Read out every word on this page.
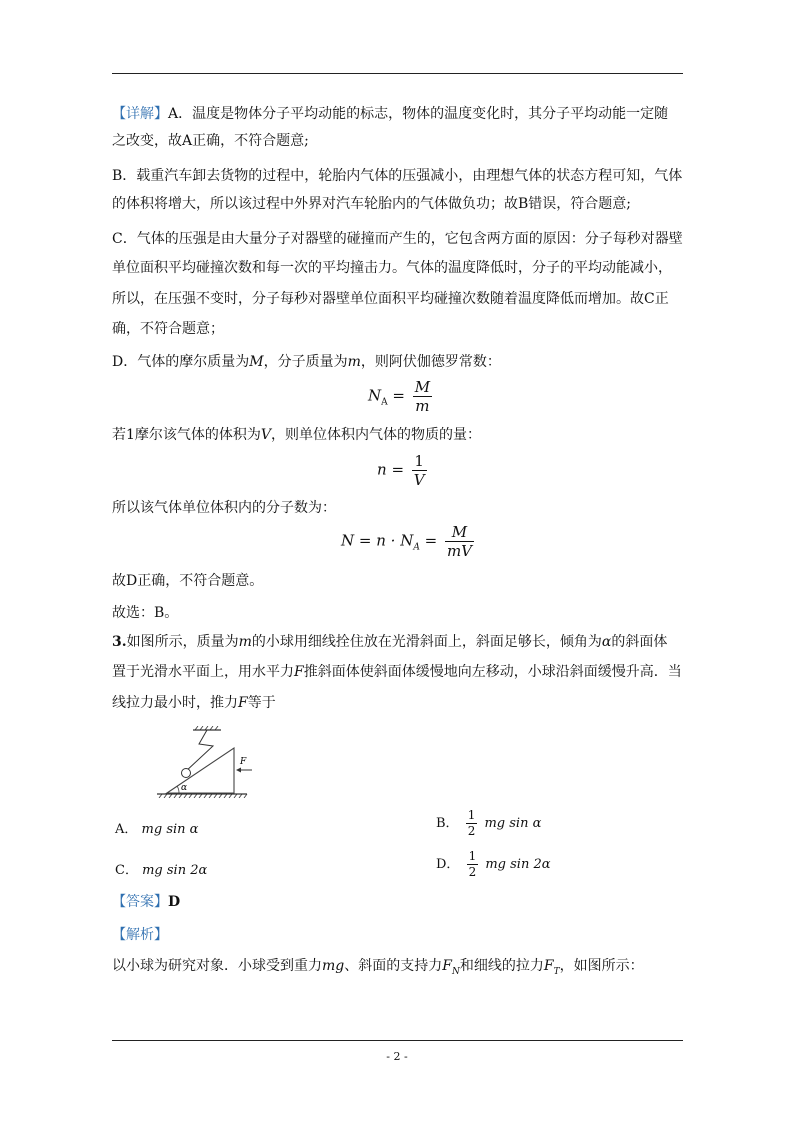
【详解】A．温度是物体分子平均动能的标志，物体的温度变化时，其分子平均动能一定随
之改变，故A正确，不符合题意;
B．载重汽车卸去货物的过程中，轮胎内气体的压强减小，由理想气体的状态方程可知，气体
的体积将增大，所以该过程中外界对汽车轮胎内的气体做负功；故B错误，符合题意;
C．气体的压强是由大量分子对器壁的碰撞而产生的，它包含两方面的原因：分子每秒对器壁
单位面积平均碰撞次数和每一次的平均撞击力。气体的温度降低时，分子的平均动能减小，
所以，在压强不变时，分子每秒对器壁单位面积平均碰撞次数随着温度降低而增加。故C正
确，不符合题意；
D．气体的摩尔质量为M，分子质量为m，则阿伏伽德罗常数：
$N_A = \frac{M}{m}$
若1摩尔该气体的体积为V，则单位体积内气体的物质的量：
$n = \frac{1}{V}$
所以该气体单位体积内的分子数为：
$N = n \cdot N_A = \frac{M}{mV}$
故D正确，不符合题意。
故选：B。
3.如图所示，质量为m的小球用细线拴住放在光滑斜面上，斜面足够长，倾角为α的斜面体
置于光滑水平面上，用水平力F推斜面体使斜面体缓慢地向左移动，小球沿斜面缓慢升高．当
线拉力最小时，推力F等于
α
F
A． mg sin α	B． $\frac{1}{2}$ mg sin α
C． mg sin 2α	D． $\frac{1}{2}$ mg sin 2α
【答案】D
【解析】
以小球为研究对象．小球受到重力mg、斜面的支持力$F_N$和细线的拉力$F_T$，如图所示：
- 2 -
